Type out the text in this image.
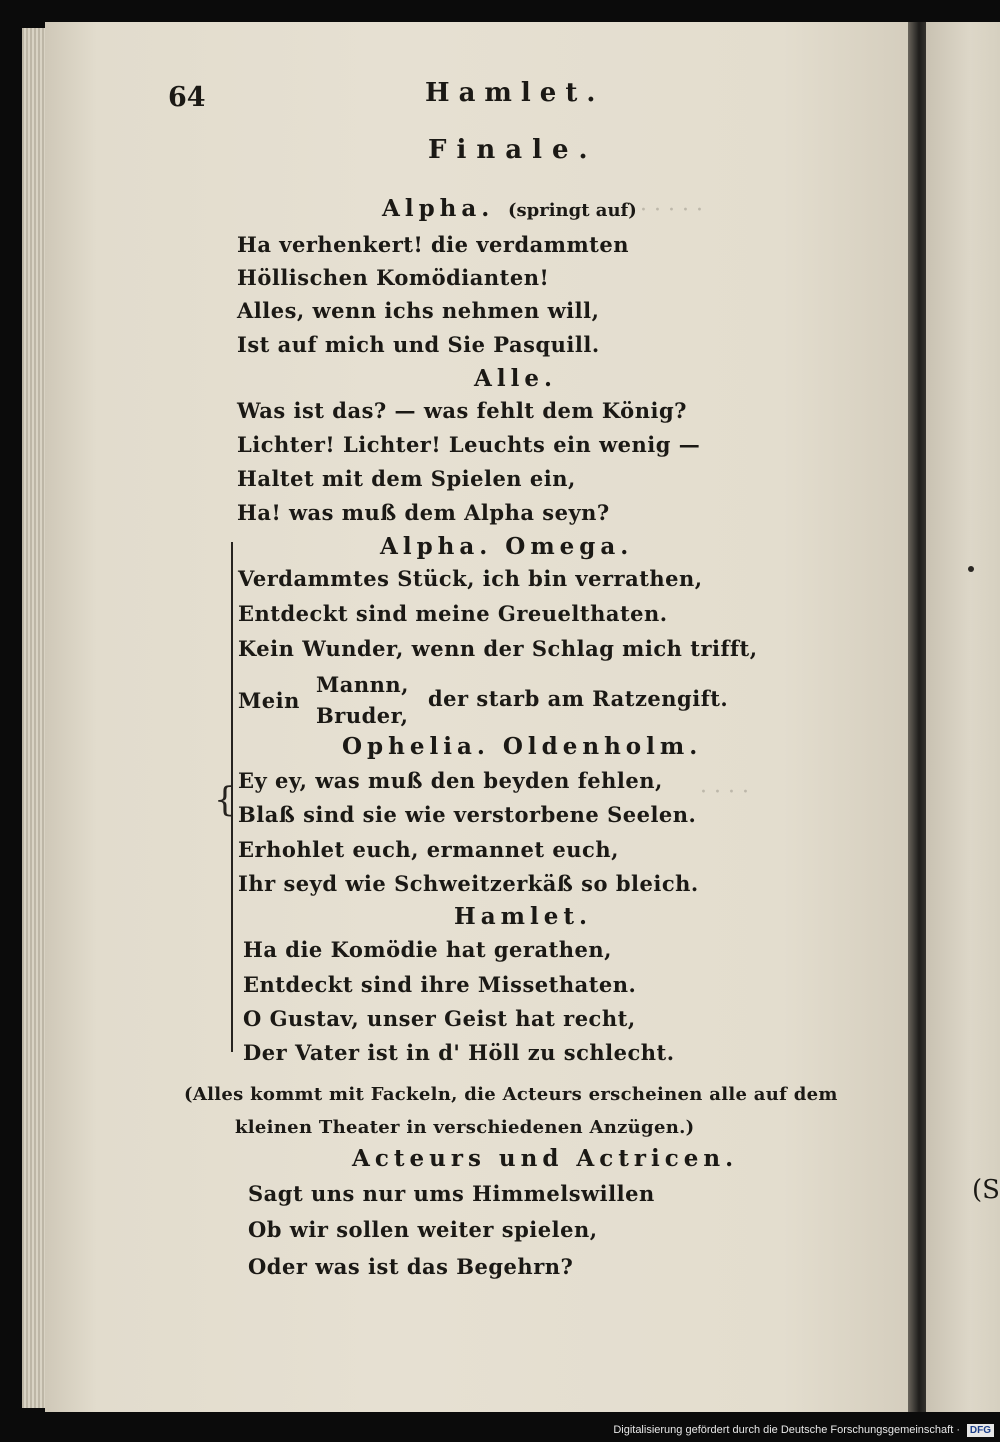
· · · · ·
· · · ·
(S
64	Hamlet.
Finale.
Alpha. (springt auf)
Ha verhenkert! die verdammten
Höllischen Komödianten!
Alles, wenn ichs nehmen will,
Ist auf mich und Sie Pasquill.
Alle.
Was ist das? — was fehlt dem König?
Lichter! Lichter! Leuchts ein wenig —
Haltet mit dem Spielen ein,
Ha! was muß dem Alpha seyn?
{
Alpha. Omega.
Verdammtes Stück, ich bin verrathen,
Entdeckt sind meine Greuelthaten.
Kein Wunder, wenn der Schlag mich trifft,
Mein
Mannn,
Bruder,
der starb am Ratzengift.
Ophelia. Oldenholm.
Ey ey, was muß den beyden fehlen,
Blaß sind sie wie verstorbene Seelen.
Erhohlet euch, ermannet euch,
Ihr seyd wie Schweitzerkäß so bleich.
Hamlet.
Ha die Komödie hat gerathen,
Entdeckt sind ihre Missethaten.
O Gustav, unser Geist hat recht,
Der Vater ist in d' Höll zu schlecht.
(Alles kommt mit Fackeln, die Acteurs erscheinen alle auf dem
kleinen Theater in verschiedenen Anzügen.)
Acteurs und Actricen.
Sagt uns nur ums Himmelswillen
Ob wir sollen weiter spielen,
Oder was ist das Begehrn?
Digitalisierung gefördert durch die Deutsche Forschungsgemeinschaft · DFG
